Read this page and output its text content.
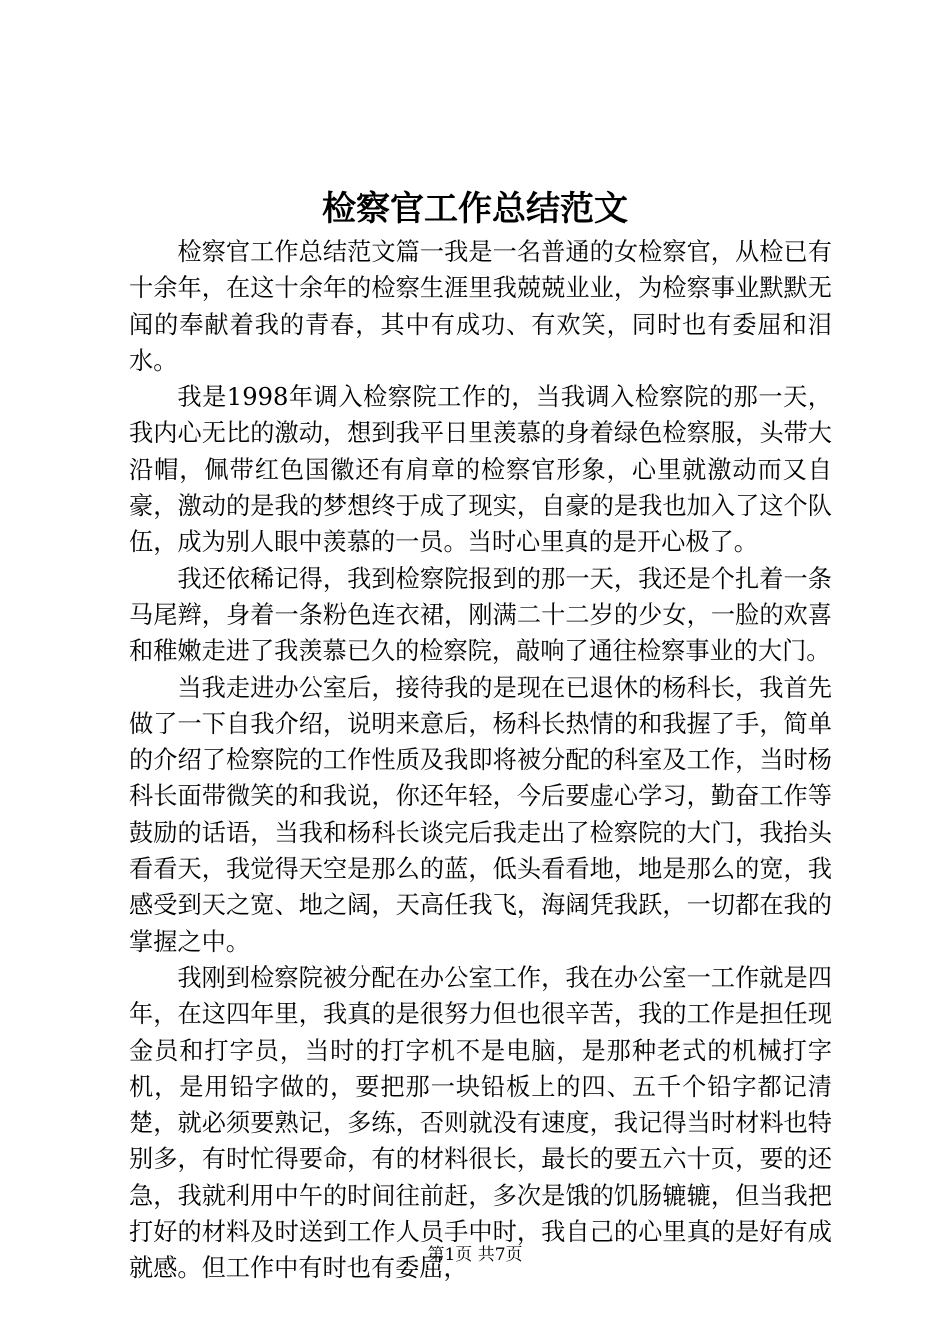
检察官工作总结范文

检察官工作总结范文篇一我是一名普通的女检察官，从检已有十余年，在这十余年的检察生涯里我兢兢业业，为检察事业默默无闻的奉献着我的青春，其中有成功、有欢笑，同时也有委屈和泪水。

我是1998年调入检察院工作的，当我调入检察院的那一天，我内心无比的激动，想到我平日里羡慕的身着绿色检察服，头带大沿帽，佩带红色国徽还有肩章的检察官形象，心里就激动而又自豪，激动的是我的梦想终于成了现实，自豪的是我也加入了这个队伍，成为别人眼中羡慕的一员。当时心里真的是开心极了。

我还依稀记得，我到检察院报到的那一天，我还是个扎着一条马尾辫，身着一条粉色连衣裙，刚满二十二岁的少女，一脸的欢喜和稚嫩走进了我羡慕已久的检察院，敲响了通往检察事业的大门。

当我走进办公室后，接待我的是现在已退休的杨科长，我首先做了一下自我介绍，说明来意后，杨科长热情的和我握了手，简单的介绍了检察院的工作性质及我即将被分配的科室及工作，当时杨科长面带微笑的和我说，你还年轻，今后要虚心学习，勤奋工作等鼓励的话语，当我和杨科长谈完后我走出了检察院的大门，我抬头看看天，我觉得天空是那么的蓝，低头看看地，地是那么的宽，我感受到天之宽、地之阔，天高任我飞，海阔凭我跃，一切都在我的掌握之中。

我刚到检察院被分配在办公室工作，我在办公室一工作就是四年，在这四年里，我真的是很努力但也很辛苦，我的工作是担任现金员和打字员，当时的打字机不是电脑，是那种老式的机械打字机，是用铅字做的，要把那一块铅板上的四、五千个铅字都记清楚，就必须要熟记，多练，否则就没有速度，我记得当时材料也特别多，有时忙得要命，有的材料很长，最长的要五六十页，要的还急，我就利用中午的时间往前赶，多次是饿的饥肠辘辘，但当我把打好的材料及时送到工作人员手中时，我自己的心里真的是好有成就感。但工作中有时也有委屈，

第1页 共7页
